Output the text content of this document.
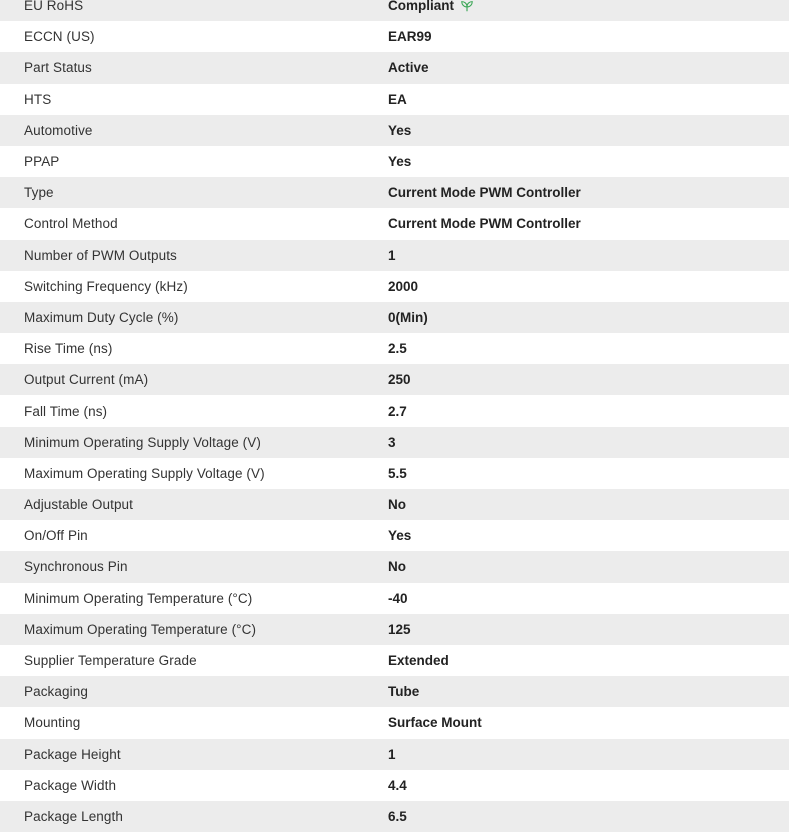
EU RoHS	Compliant
ECCN (US)	EAR99
Part Status	Active
HTS	EA
Automotive	Yes
PPAP	Yes
Type	Current Mode PWM Controller
Control Method	Current Mode PWM Controller
Number of PWM Outputs	1
Switching Frequency (kHz)	2000
Maximum Duty Cycle (%)	0(Min)
Rise Time (ns)	2.5
Output Current (mA)	250
Fall Time (ns)	2.7
Minimum Operating Supply Voltage (V)	3
Maximum Operating Supply Voltage (V)	5.5
Adjustable Output	No
On/Off Pin	Yes
Synchronous Pin	No
Minimum Operating Temperature (°C)	-40
Maximum Operating Temperature (°C)	125
Supplier Temperature Grade	Extended
Packaging	Tube
Mounting	Surface Mount
Package Height	1
Package Width	4.4
Package Length	6.5
